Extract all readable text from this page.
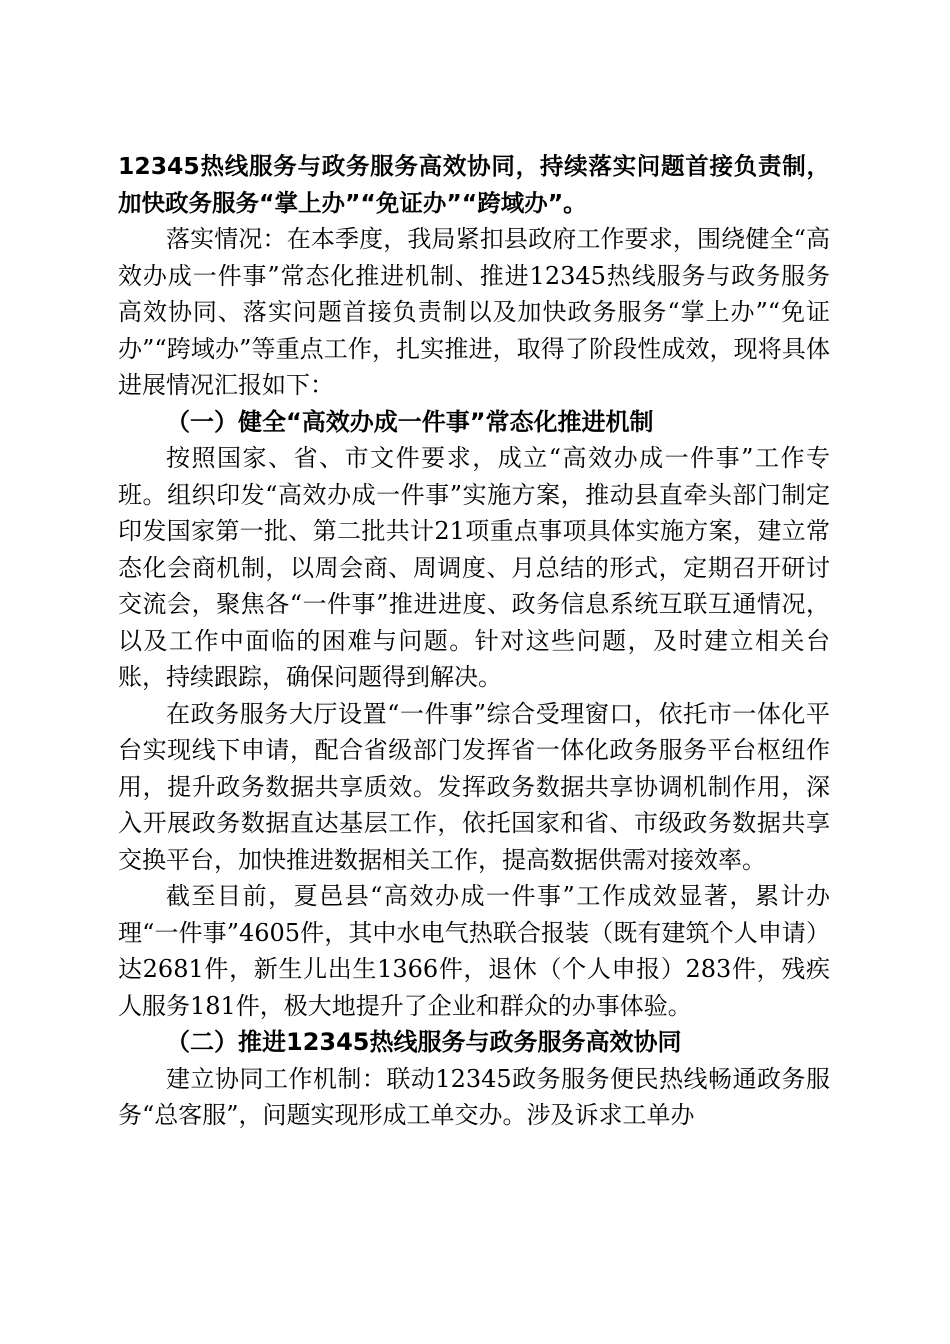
12345热线服务与政务服务高效协同，持续落实问题首接负责制，加快政务服务“掌上办”“免证办”“跨域办”。

落实情况：在本季度，我局紧扣县政府工作要求，围绕健全“高效办成一件事”常态化推进机制、推进12345热线服务与政务服务高效协同、落实问题首接负责制以及加快政务服务“掌上办”“免证办”“跨域办”等重点工作，扎实推进，取得了阶段性成效，现将具体进展情况汇报如下：

（一）健全“高效办成一件事”常态化推进机制

按照国家、省、市文件要求，成立“高效办成一件事”工作专班。组织印发“高效办成一件事”实施方案，推动县直牵头部门制定印发国家第一批、第二批共计21项重点事项具体实施方案，建立常态化会商机制，以周会商、周调度、月总结的形式，定期召开研讨交流会，聚焦各“一件事”推进进度、政务信息系统互联互通情况，以及工作中面临的困难与问题。针对这些问题，及时建立相关台账，持续跟踪，确保问题得到解决。

在政务服务大厅设置“一件事”综合受理窗口，依托市一体化平台实现线下申请，配合省级部门发挥省一体化政务服务平台枢纽作用，提升政务数据共享质效。发挥政务数据共享协调机制作用，深入开展政务数据直达基层工作，依托国家和省、市级政务数据共享交换平台，加快推进数据相关工作，提高数据供需对接效率。

截至目前，夏邑县“高效办成一件事”工作成效显著，累计办理“一件事”4605件，其中水电气热联合报装（既有建筑个人申请）达2681件，新生儿出生1366件，退休（个人申报）283件，残疾人服务181件，极大地提升了企业和群众的办事体验。

（二）推进12345热线服务与政务服务高效协同

建立协同工作机制：联动12345政务服务便民热线畅通政务服务“总客服”，问题实现形成工单交办。涉及诉求工单办
